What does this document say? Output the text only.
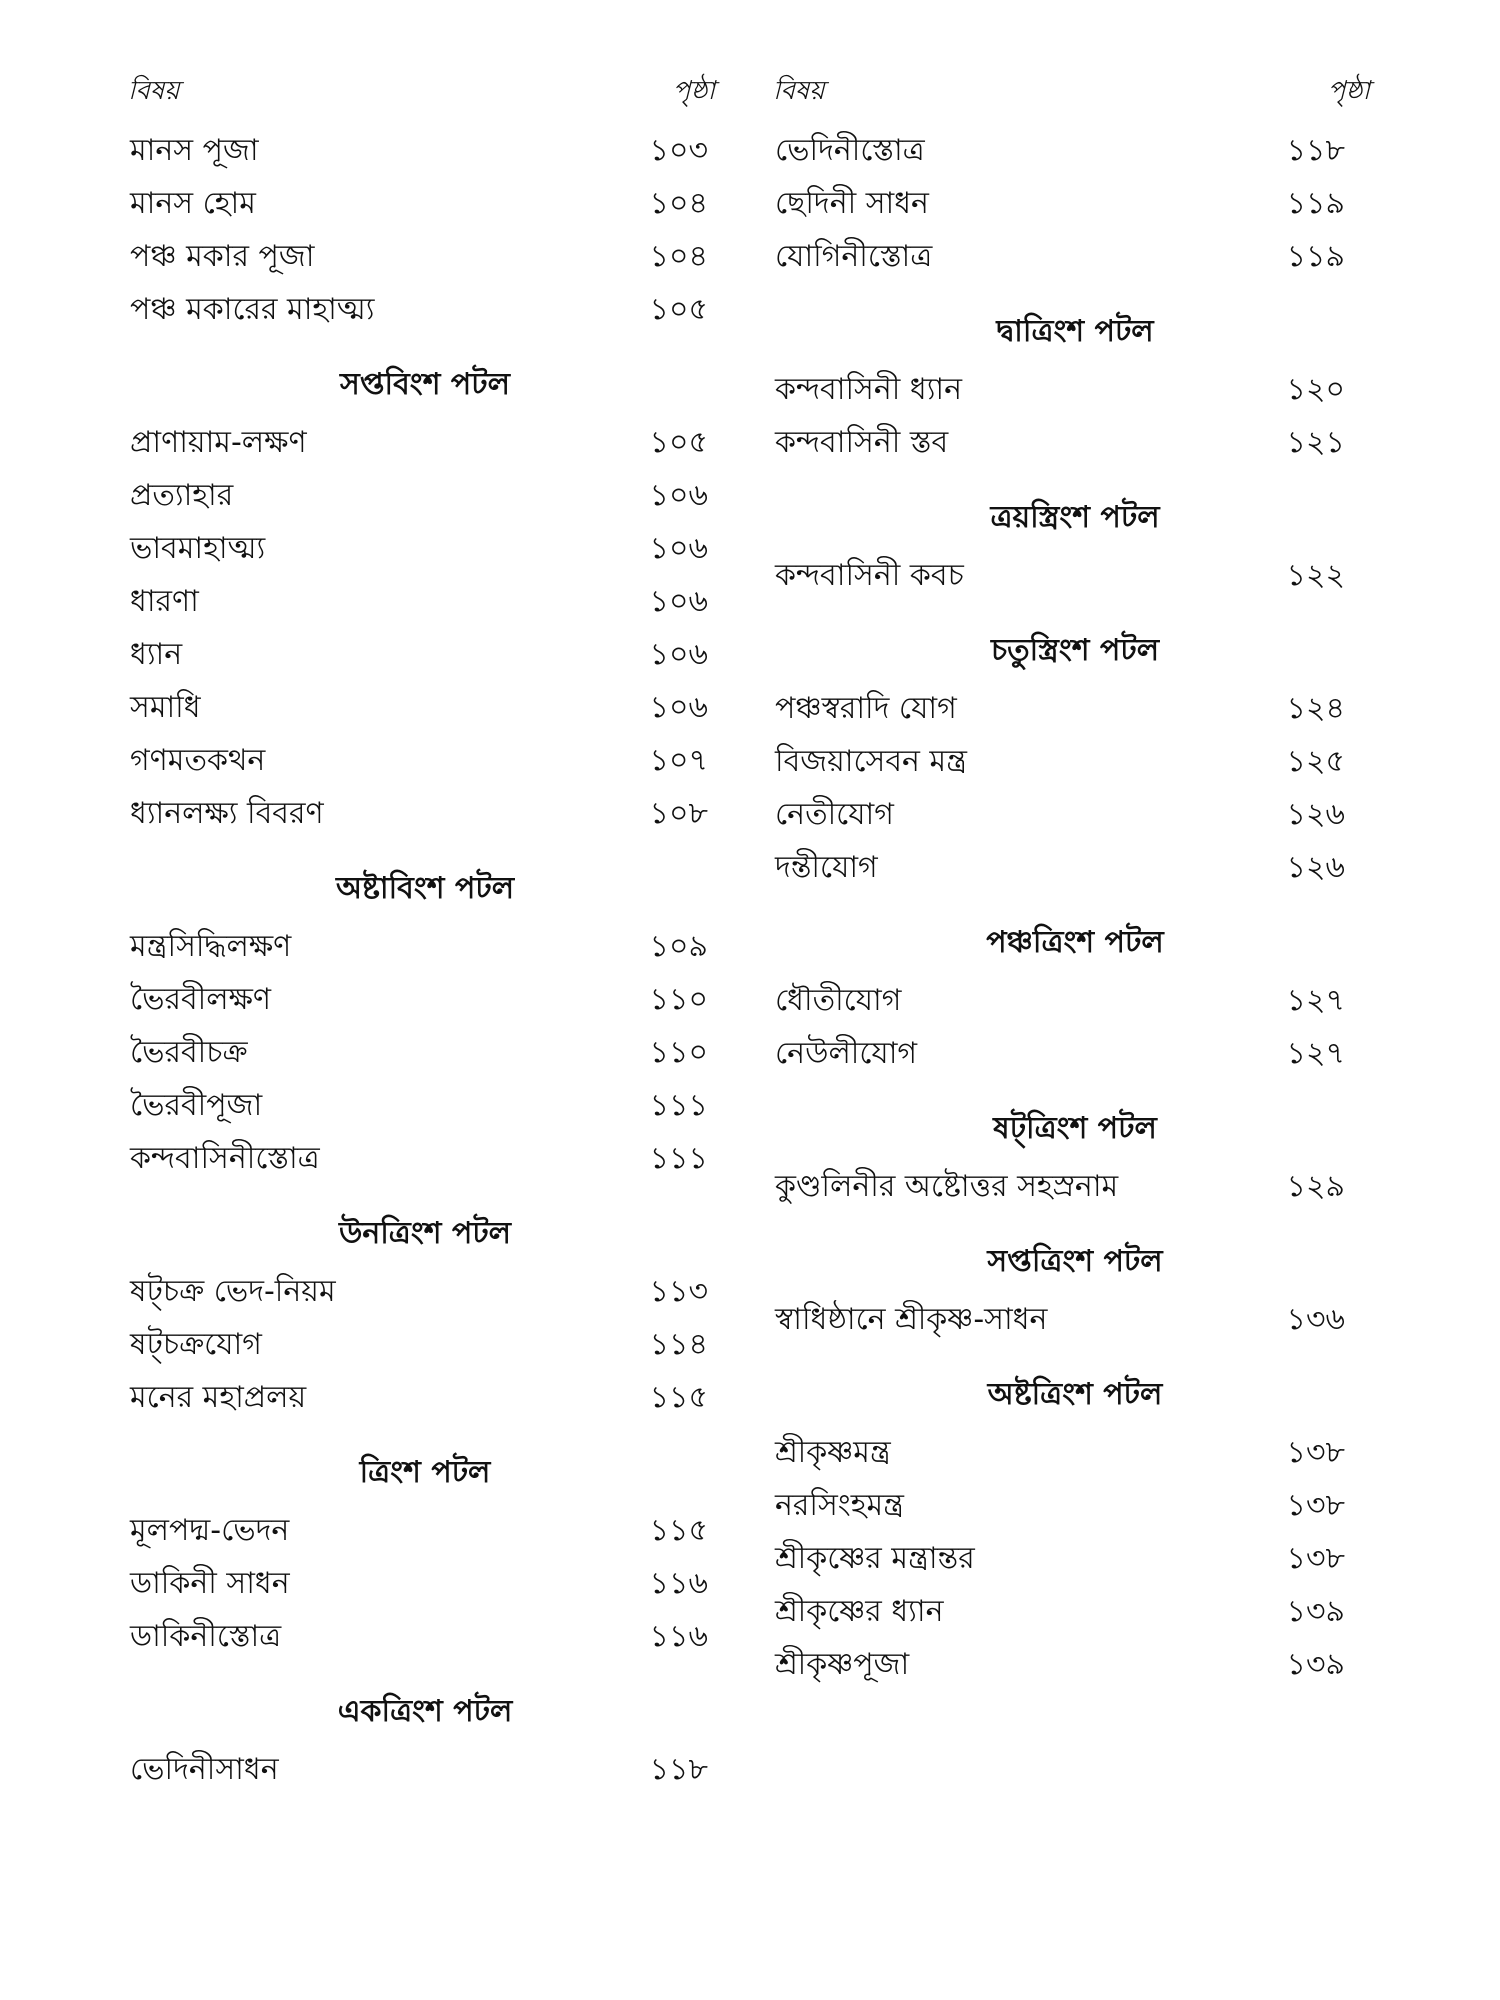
বিষয়	পৃষ্ঠা
মানস পূজা	১০৩
মানস হোম	১০৪
পঞ্চ মকার পূজা	১০৪
পঞ্চ মকারের মাহাত্ম্য	১০৫
সপ্তবিংশ পটল
প্রাণায়াম-লক্ষণ	১০৫
প্রত্যাহার	১০৬
ভাবমাহাত্ম্য	১০৬
ধারণা	১০৬
ধ্যান	১০৬
সমাধি	১০৬
গণমতকথন	১০৭
ধ্যানলক্ষ্য বিবরণ	১০৮
অষ্টাবিংশ পটল
মন্ত্রসিদ্ধিলক্ষণ	১০৯
ভৈরবীলক্ষণ	১১০
ভৈরবীচক্র	১১০
ভৈরবীপূজা	১১১
কন্দবাসিনীস্তোত্র	১১১
উনত্রিংশ পটল
ষট্‌চক্র ভেদ-নিয়ম	১১৩
ষট্‌চক্রযোগ	১১৪
মনের মহাপ্রলয়	১১৫
ত্রিংশ পটল
মূলপদ্ম-ভেদন	১১৫
ডাকিনী সাধন	১১৬
ডাকিনীস্তোত্র	১১৬
একত্রিংশ পটল
ভেদিনীসাধন	১১৮
বিষয়	পৃষ্ঠা
ভেদিনীস্তোত্র	১১৮
ছেদিনী সাধন	১১৯
যোগিনীস্তোত্র	১১৯
দ্বাত্রিংশ পটল
কন্দবাসিনী ধ্যান	১২০
কন্দবাসিনী স্তব	১২১
ত্রয়স্ত্রিংশ পটল
কন্দবাসিনী কবচ	১২২
চতুস্ত্রিংশ পটল
পঞ্চস্বরাদি যোগ	১২৪
বিজয়াসেবন মন্ত্র	১২৫
নেতীযোগ	১২৬
দন্তীযোগ	১২৬
পঞ্চত্রিংশ পটল
ধৌতীযোগ	১২৭
নেউলীযোগ	১২৭
ষট্‌ত্রিংশ পটল
কুণ্ডলিনীর অষ্টোত্তর সহস্রনাম	১২৯
সপ্তত্রিংশ পটল
স্বাধিষ্ঠানে শ্রীকৃষ্ণ-সাধন	১৩৬
অষ্টত্রিংশ পটল
শ্রীকৃষ্ণমন্ত্র	১৩৮
নরসিংহমন্ত্র	১৩৮
শ্রীকৃষ্ণের মন্ত্রান্তর	১৩৮
শ্রীকৃষ্ণের ধ্যান	১৩৯
শ্রীকৃষ্ণপূজা	১৩৯
